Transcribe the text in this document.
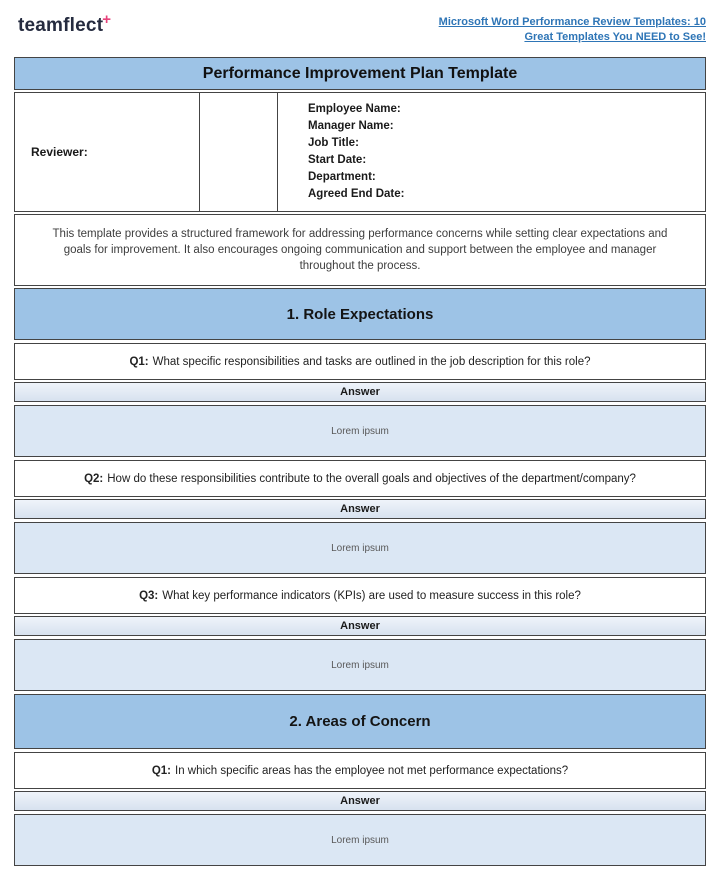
teamflect+	Microsoft Word Performance Review Templates: 10
Great Templates You NEED to See!
Performance Improvement Plan Template
Reviewer:
Employee Name:
Manager Name:
Job Title:
Start Date:
Department:
Agreed End Date:
This template provides a structured framework for addressing performance concerns while setting clear expectations and goals for improvement. It also encourages ongoing communication and support between the employee and manager throughout the process.
1. Role Expectations
Q1: What specific responsibilities and tasks are outlined in the job description for this role?
Answer
Lorem ipsum
Q2: How do these responsibilities contribute to the overall goals and objectives of the department/company?
Answer
Lorem ipsum
Q3: What key performance indicators (KPIs) are used to measure success in this role?
Answer
Lorem ipsum
2. Areas of Concern
Q1: In which specific areas has the employee not met performance expectations?
Answer
Lorem ipsum
